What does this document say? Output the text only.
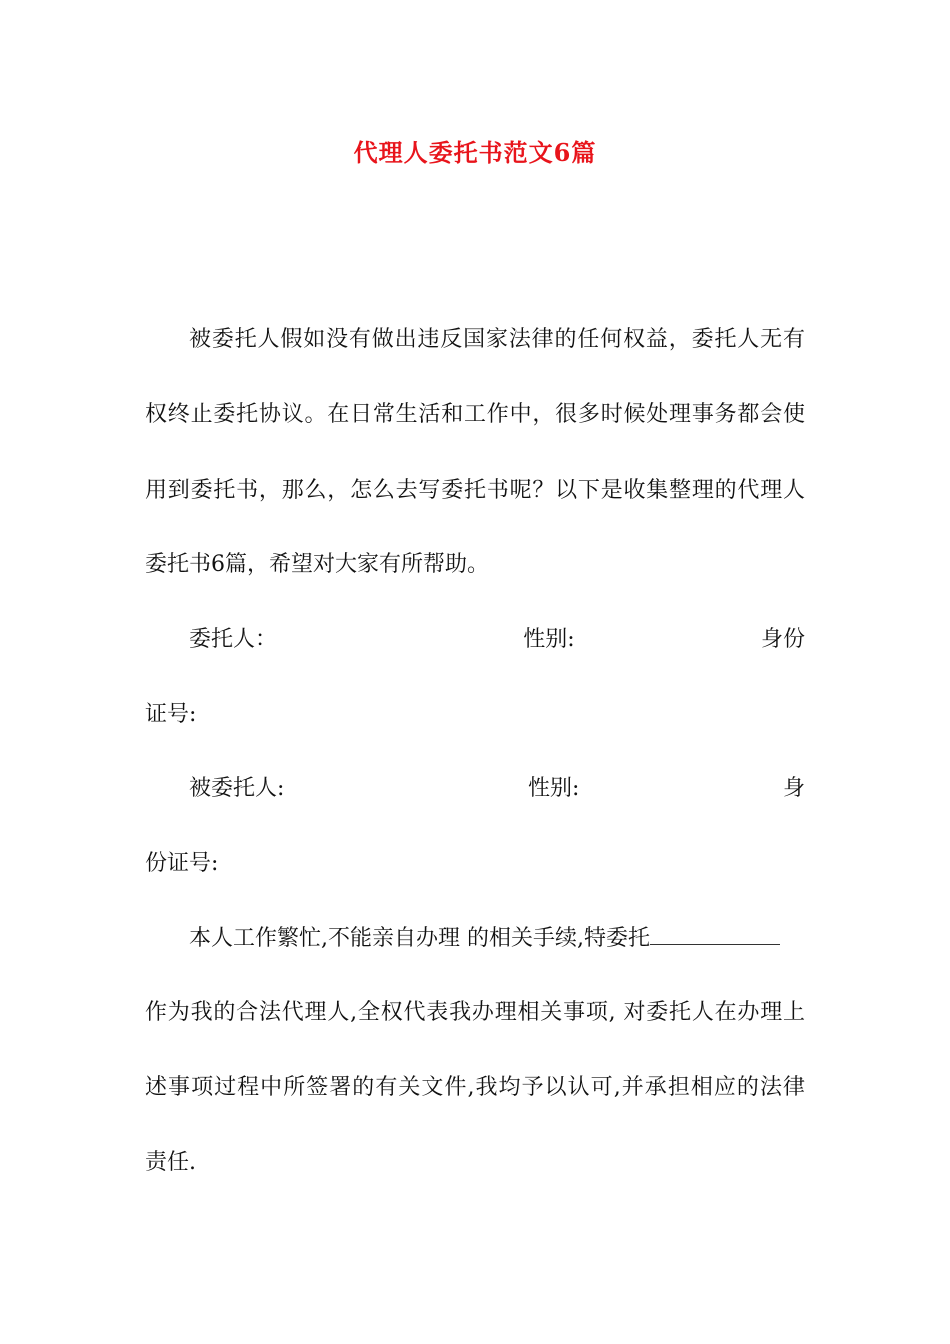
代理人委托书范文6篇
被委托人假如没有做出违反国家法律的任何权益，委托人无有
权终止委托协议。在日常生活和工作中，很多时候处理事务都会使
用到委托书，那么，怎么去写委托书呢？以下是收集整理的代理人
委托书6篇，希望对大家有所帮助。
委托人：	性别:	身份
证号:
被委托人:	性别:	身
份证号:
本人工作繁忙,不能亲自办理 的相关手续,特委托
作为我的合法代理人,全权代表我办理相关事项, 对委托人在办理上
述事项过程中所签署的有关文件,我均予以认可,并承担相应的法律
责任.
